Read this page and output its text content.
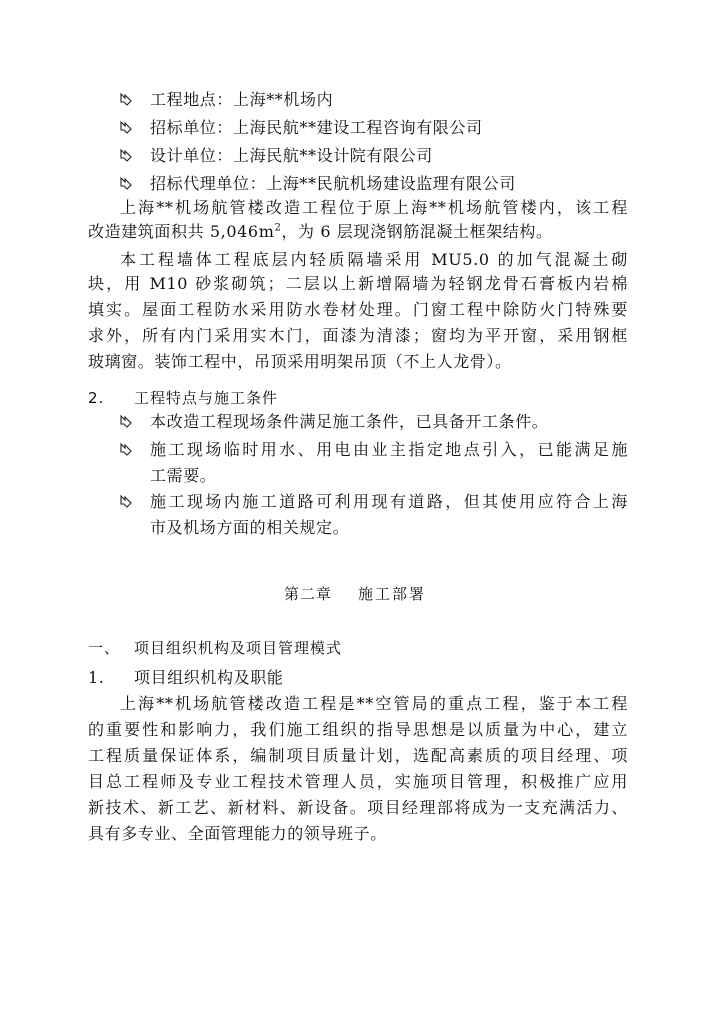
工程地点：上海**机场内
招标单位：上海民航**建设工程咨询有限公司
设计单位：上海民航**设计院有限公司
招标代理单位：上海**民航机场建设监理有限公司
上海**机场航管楼改造工程位于原上海**机场航管楼内，该工程
改造建筑面积共 $5,046m^2$，为 6 层现浇钢筋混凝土框架结构。
本工程墙体工程底层内轻质隔墙采用 MU5.0 的加气混凝土砌
块，用 M10 砂浆砌筑；二层以上新增隔墙为轻钢龙骨石膏板内岩棉
填实。屋面工程防水采用防水卷材处理。门窗工程中除防火门特殊要
求外，所有内门采用实木门，面漆为清漆；窗均为平开窗，采用钢框
玻璃窗。装饰工程中，吊顶采用明架吊顶（不上人龙骨）。
2. 工程特点与施工条件
本改造工程现场条件满足施工条件，已具备开工条件。
施工现场临时用水、用电由业主指定地点引入，已能满足施
工需要。
施工现场内施工道路可利用现有道路，但其使用应符合上海
市及机场方面的相关规定。
第二章 施工部署
一、 项目组织机构及项目管理模式
1. 项目组织机构及职能
上海**机场航管楼改造工程是**空管局的重点工程，鉴于本工程
的重要性和影响力，我们施工组织的指导思想是以质量为中心，建立
工程质量保证体系，编制项目质量计划，选配高素质的项目经理、项
目总工程师及专业工程技术管理人员，实施项目管理，积极推广应用
新技术、新工艺、新材料、新设备。项目经理部将成为一支充满活力、
具有多专业、全面管理能力的领导班子。
